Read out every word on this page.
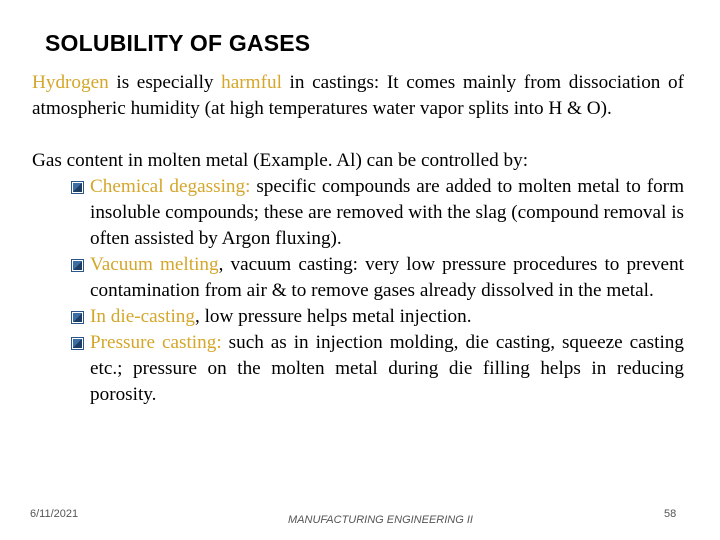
SOLUBILITY OF GASES

Hydrogen is especially harmful in castings: It comes mainly from dissociation of atmospheric humidity (at high temperatures water vapor splits into H & O).

Gas content in molten metal (Example. Al) can be controlled by:

Chemical degassing: specific compounds are added to molten metal to form insoluble compounds; these are removed with the slag (compound removal is often assisted by Argon fluxing).
Vacuum melting, vacuum casting: very low pressure procedures to prevent contamination from air & to remove gases already dissolved in the metal.
In die-casting, low pressure helps metal injection.
Pressure casting: such as in injection molding, die casting, squeeze casting etc.; pressure on the molten metal during die filling helps in reducing porosity.
6/11/2021	MANUFACTURING ENGINEERING II	58
